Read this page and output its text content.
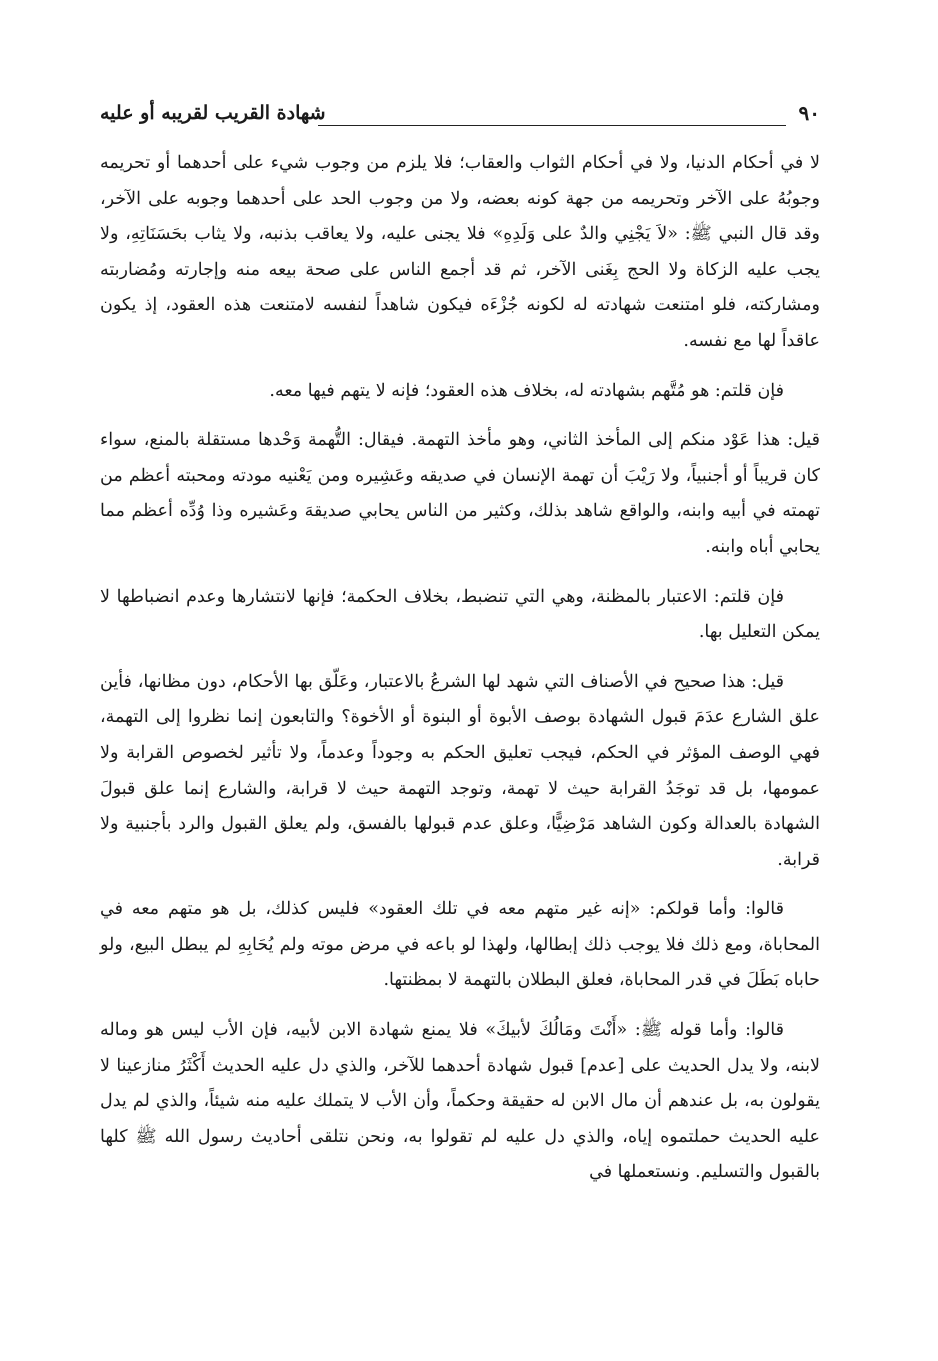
٩٠
شهادة القريب لقريبه أو عليه

لا في أحكام الدنيا، ولا في أحكام الثواب والعقاب؛ فلا يلزم من وجوب شيء على أحدهما أو تحريمه وجوبُهُ على الآخر وتحريمه من جهة كونه بعضه، ولا من وجوب الحد على أحدهما وجوبه على الآخر، وقد قال النبي ﷺ: «لاَ يَجْنِي والدٌ على وَلَدِهِ» فلا يجنى عليه، ولا يعاقب بذنبه، ولا يثاب بحَسَنَاتِهِ، ولا يجب عليه الزكاة ولا الحج بِغَنى الآخر، ثم قد أجمع الناس على صحة بيعه منه وإجارته ومُضاربته ومشاركته، فلو امتنعت شهادته له لكونه جُزْءَه فيكون شاهداً لنفسه لامتنعت هذه العقود، إذ يكون عاقداً لها مع نفسه.

فإن قلتم: هو مُتَّهم بشهادته له، بخلاف هذه العقود؛ فإنه لا يتهم فيها معه.

قيل: هذا عَوْد منكم إلى المأخذ الثاني، وهو مأخذ التهمة. فيقال: التُّهمة وَحْدها مستقلة بالمنع، سواء كان قريباً أو أجنبياً، ولا رَيْبَ أن تهمة الإنسان في صديقه وعَشِيره ومن يَعْنيه مودته ومحبته أعظم من تهمته في أبيه وابنه، والواقع شاهد بذلك، وكثير من الناس يحابي صديقهَ وعَشيره وذا وُدِّه أعظم مما يحابي أباه وابنه.

فإن قلتم: الاعتبار بالمظنة، وهي التي تنضبط، بخلاف الحكمة؛ فإنها لانتشارها وعدم انضباطها لا يمكن التعليل بها.

قيل: هذا صحيح في الأصناف التي شهد لها الشرعُ بالاعتبار، وعَلّق بها الأحكام، دون مظانها، فأين علق الشارع عدَمَ قبول الشهادة بوصف الأبوة أو البنوة أو الأخوة؟ والتابعون إنما نظروا إلى التهمة، فهي الوصف المؤثر في الحكم، فيجب تعليق الحكم به وجوداً وعدماً، ولا تأثير لخصوص القرابة ولا عمومها، بل قد توجَدُ القرابة حيث لا تهمة، وتوجد التهمة حيث لا قرابة، والشارع إنما علق قبولَ الشهادة بالعدالة وكون الشاهد مَرْضِيًّا، وعلق عدم قبولها بالفسق، ولم يعلق القبول والرد بأجنبية ولا قرابة.

قالوا: وأما قولكم: «إنه غير متهم معه في تلك العقود» فليس كذلك، بل هو متهم معه في المحاباة، ومع ذلك فلا يوجب ذلك إبطالها، ولهذا لو باعه في مرض موته ولم يُحَابِهِ لم يبطل البيع، ولو حاباه بَطَلَ في قدر المحاباة، فعلق البطلان بالتهمة لا بمظنتها.

قالوا: وأما قوله ﷺ: «أَنْتَ ومَالُكَ لأبيكَ» فلا يمنع شهادة الابن لأبيه، فإن الأب ليس هو وماله لابنه، ولا يدل الحديث على [عدم] قبول شهادة أحدهما للآخر، والذي دل عليه الحديث أَكْثَرُ منازعينا لا يقولون به، بل عندهم أن مال الابن له حقيقة وحكماً، وأن الأب لا يتملك عليه منه شيئاً، والذي لم يدل عليه الحديث حملتموه إياه، والذي دل عليه لم تقولوا به، ونحن نتلقى أحاديث رسول الله ﷺ كلها بالقبول والتسليم. ونستعملها في
